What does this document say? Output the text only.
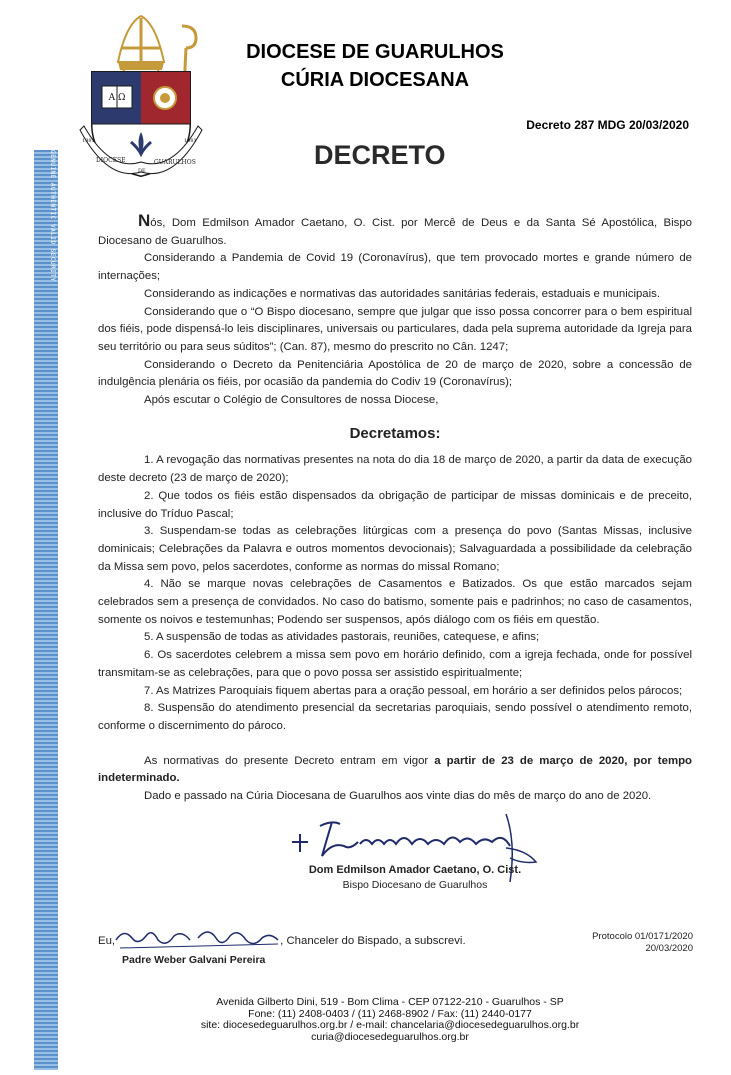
GENUINE AUTHENTIC VALID SECURITY
A Ω
DIOCESE
DE
GUARULHOS
1981	1981
DIOCESE DE GUARULHOS
CÚRIA DIOCESANA
Decreto 287 MDG 20/03/2020
DECRETO

Nós, Dom Edmilson Amador Caetano, O. Cist. por Mercê de Deus e da Santa Sé Apostólica, Bispo Diocesano de Guarulhos.

Considerando a Pandemia de Covid 19 (Coronavírus), que tem provocado mortes e grande número de internações;

Considerando as indicações e normativas das autoridades sanitárias federais, estaduais e municipais.

Considerando que o “O Bispo diocesano, sempre que julgar que isso possa concorrer para o bem espiritual dos fiéis, pode dispensá-lo leis disciplinares, universais ou particulares, dada pela suprema autoridade da Igreja para seu território ou para seus súditos”; (Can. 87), mesmo do prescrito no Cân. 1247;

Considerando o Decreto da Penitenciária Apostólica de 20 de março de 2020, sobre a concessão de indulgência plenária os fiéis, por ocasião da pandemia do Codiv 19 (Coronavírus);

Após escutar o Colégio de Consultores de nossa Diocese,

Decretamos:

1. A revogação das normativas presentes na nota do dia 18 de março de 2020, a partir da data de execução deste decreto (23 de março de 2020);

2. Que todos os fiéis estão dispensados da obrigação de participar de missas dominicais e de preceito, inclusive do Tríduo Pascal;

3. Suspendam-se todas as celebrações litúrgicas com a presença do povo (Santas Missas, inclusive dominicais; Celebrações da Palavra e outros momentos devocionais); Salvaguardada a possibilidade da celebração da Missa sem povo, pelos sacerdotes, conforme as normas do missal Romano;

4. Não se marque novas celebrações de Casamentos e Batizados. Os que estão marcados sejam celebrados sem a presença de convidados. No caso do batismo, somente pais e padrinhos; no caso de casamentos, somente os noivos e testemunhas; Podendo ser suspensos, após diálogo com os fiéis em questão.

5. A suspensão de todas as atividades pastorais, reuniões, catequese, e afins;

6. Os sacerdotes celebrem a missa sem povo em horário definido, com a igreja fechada, onde for possível transmitam-se as celebrações, para que o povo possa ser assistido espiritualmente;

7. As Matrizes Paroquiais fiquem abertas para a oração pessoal, em horário a ser definidos pelos párocos;

8. Suspensão do atendimento presencial da secretarias paroquiais, sendo possível o atendimento remoto, conforme o discernimento do pároco.

As normativas do presente Decreto entram em vigor a partir de 23 de março de 2020, por tempo indeterminado.

Dado e passado na Cúria Diocesana de Guarulhos aos vinte dias do mês de março do ano de 2020.

Dom Edmilson Amador Caetano, O. Cist.
Bispo Diocesano de Guarulhos
Eu,	, Chanceler do Bispado, a subscrevi.
Padre Weber Galvani Pereira
Protocolo 01/0171/2020
20/03/2020
Avenida Gilberto Dini, 519 - Bom Clima - CEP 07122-210 - Guarulhos - SP
Fone: (11) 2408-0403 / (11) 2468-8902 / Fax: (11) 2440-0177
site: diocesedeguarulhos.org.br / e-mail: chancelaria@diocesedeguarulhos.org.br
curia@diocesedeguarulhos.org.br
